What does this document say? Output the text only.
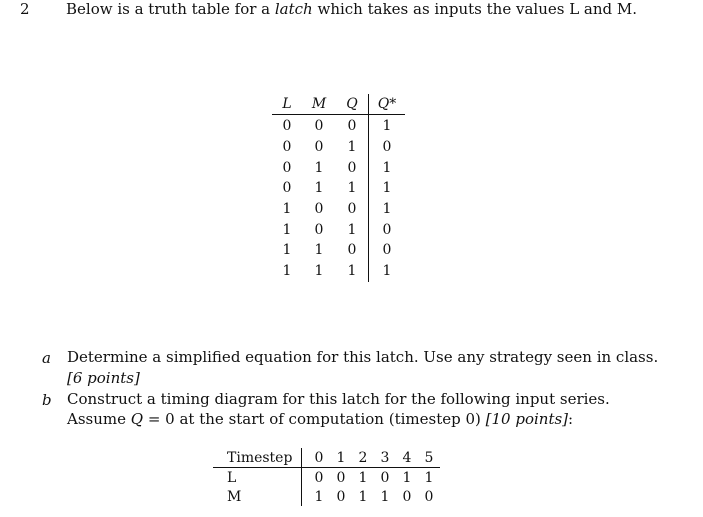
2 Below is a truth table for a latch which takes as inputs the values L and M.
L	M	Q	Q*
0	0	0	1
0	0	1	0
0	1	0	1
0	1	1	1
1	0	0	1
1	0	1	0
1	1	0	0
1	1	1	1
a Determine a simplified equation for this latch. Use any strategy seen in class.
[6 points]
b Construct a timing diagram for this latch for the following input series.
Assume Q = 0 at the start of computation (timestep 0) [10 points]:
Timestep	0	1	2	3	4	5
L	0	0	1	0	1	1
M	1	0	1	1	0	0
